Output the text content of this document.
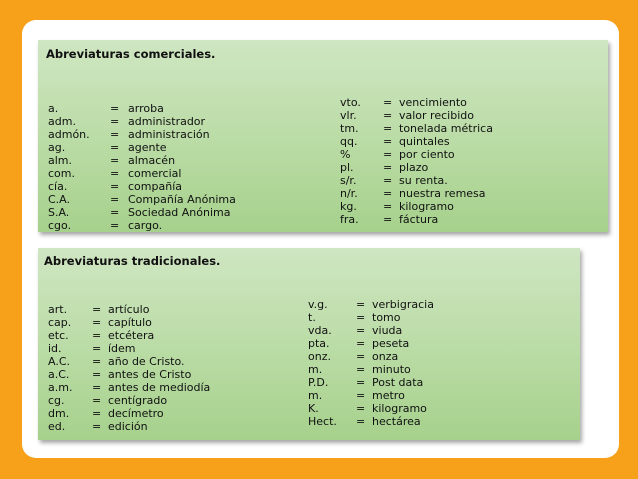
Abreviaturas comerciales.
a.	= arroba
adm.	= administrador
admón. = administración
ag.	= agente
alm.	= almacén
com.	= comercial
cía.	= compañía
C.A.	= Compañía Anónima
S.A.	= Sociedad Anónima
cgo.	= cargo.
vto. = vencimiento
vlr. = valor recibido
tm. = tonelada métrica
qq. = quintales
%	= por ciento
pl.	= plazo
s/r. = su renta.
n/r. = nuestra remesa
kg. = kilogramo
fra. = fáctura
Abreviaturas tradicionales.
art. = artículo
cap. = capítulo
etc. = etcétera
id.	= ídem
A.C. = año de Cristo.
a.C. = antes de Cristo
a.m. = antes de mediodía
cg. = centígrado
dm. = decímetro
ed. = edición
v.g.	= verbigracia
t.	= tomo
vda. = viuda
pta. = peseta
onz. = onza
m.	= minuto
P.D.	= Post data
m.	= metro
K.	= kilogramo
Hect. = hectárea
